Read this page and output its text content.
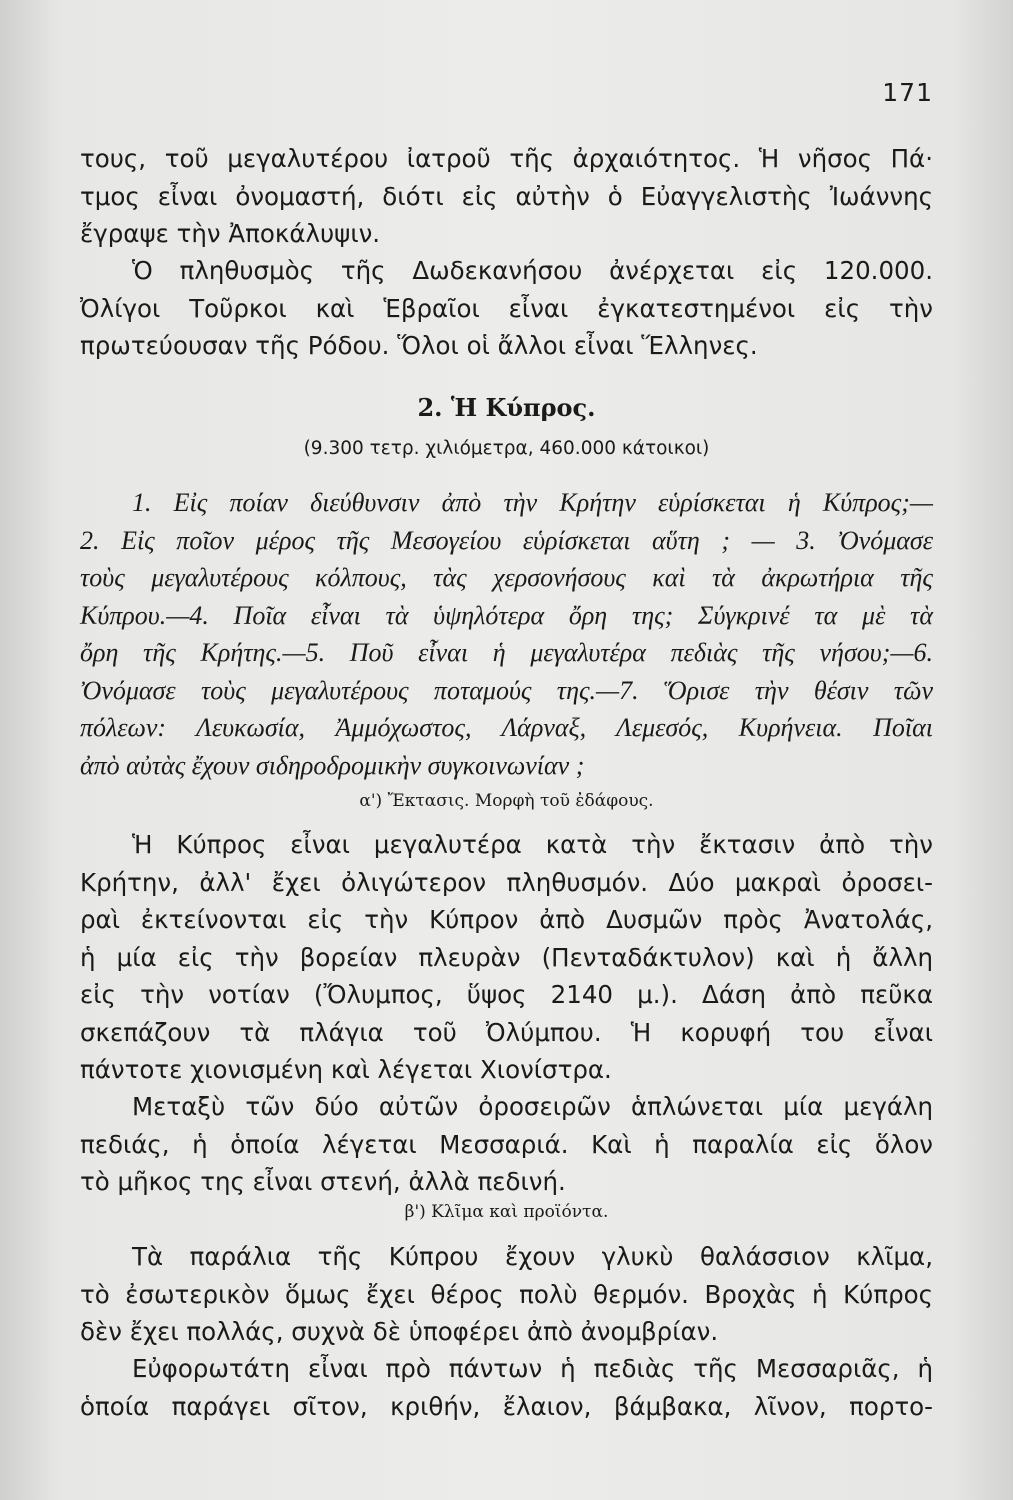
171
τους, τοῦ μεγαλυτέρου ἰατροῦ τῆς ἀρχαιότητος. Ἡ νῆσος Πά·
τμος εἶναι ὀνομαστή, διότι εἰς αὐτὴν ὁ Εὐαγγελιστὴς Ἰωάννης
ἔγραψε τὴν Ἀποκάλυψιν.
Ὁ πληθυσμὸς τῆς Δωδεκανήσου ἀνέρχεται εἰς 120.000.
Ὀλίγοι Τοῦρκοι καὶ Ἑβραῖοι εἶναι ἐγκατεστημένοι εἰς τὴν
πρωτεύουσαν τῆς Ρόδου. Ὅλοι οἱ ἄλλοι εἶναι Ἕλληνες.
2. Ἡ Κύπρος.
(9.300 τετρ. χιλιόμετρα, 460.000 κάτοικοι)
1. Εἰς ποίαν διεύθυνσιν ἀπὸ τὴν Κρήτην εὑρίσκεται ἡ Κύπρος;—
2. Εἰς ποῖον μέρος τῆς Μεσογείου εὑρίσκεται αὕτη ; — 3. Ὀνόμασε
τοὺς μεγαλυτέρους κόλπους, τὰς χερσονήσους καὶ τὰ ἀκρωτήρια τῆς
Κύπρου.—4. Ποῖα εἶναι τὰ ὑψηλότερα ὄρη της; Σύγκρινέ τα μὲ τὰ
ὄρη τῆς Κρήτης.—5. Ποῦ εἶναι ἡ μεγαλυτέρα πεδιὰς τῆς νήσου;—6.
Ὀνόμασε τοὺς μεγαλυτέρους ποταμούς της.—7. Ὅρισε τὴν θέσιν τῶν
πόλεων: Λευκωσία, Ἀμμόχωστος, Λάρναξ, Λεμεσός, Κυρήνεια. Ποῖαι
ἀπὸ αὐτὰς ἔχουν σιδηροδρομικὴν συγκοινωνίαν ;
α') Ἔκτασις. Μορφὴ τοῦ ἐδάφους.
Ἡ Κύπρος εἶναι μεγαλυτέρα κατὰ τὴν ἔκτασιν ἀπὸ τὴν
Κρήτην, ἀλλ' ἔχει ὀλιγώτερον πληθυσμόν. Δύο μακραὶ ὀροσει-
ραὶ ἐκτείνονται εἰς τὴν Κύπρον ἀπὸ Δυσμῶν πρὸς Ἀνατολάς,
ἡ μία εἰς τὴν βορείαν πλευρὰν (Πενταδάκτυλον) καὶ ἡ ἄλλη
εἰς τὴν νοτίαν (Ὄλυμπος, ὕψος 2140 μ.). Δάση ἀπὸ πεῦκα
σκεπάζουν τὰ πλάγια τοῦ Ὀλύμπου. Ἡ κορυφή του εἶναι
πάντοτε χιονισμένη καὶ λέγεται Χιονίστρα.
Μεταξὺ τῶν δύο αὐτῶν ὀροσειρῶν ἁπλώνεται μία μεγάλη
πεδιάς, ἡ ὁποία λέγεται Μεσσαριά. Καὶ ἡ παραλία εἰς ὅλον
τὸ μῆκος της εἶναι στενή, ἀλλὰ πεδινή.
β') Κλῖμα καὶ προϊόντα.
Τὰ παράλια τῆς Κύπρου ἔχουν γλυκὺ θαλάσσιον κλῖμα,
τὸ ἐσωτερικὸν ὅμως ἔχει θέρος πολὺ θερμόν. Βροχὰς ἡ Κύπρος
δὲν ἔχει πολλάς, συχνὰ δὲ ὑποφέρει ἀπὸ ἀνομβρίαν.
Εὐφορωτάτη εἶναι πρὸ πάντων ἡ πεδιὰς τῆς Μεσσαριᾶς, ἡ
ὁποία παράγει σῖτον, κριθήν, ἔλαιον, βάμβακα, λῖνον, πορτο-
